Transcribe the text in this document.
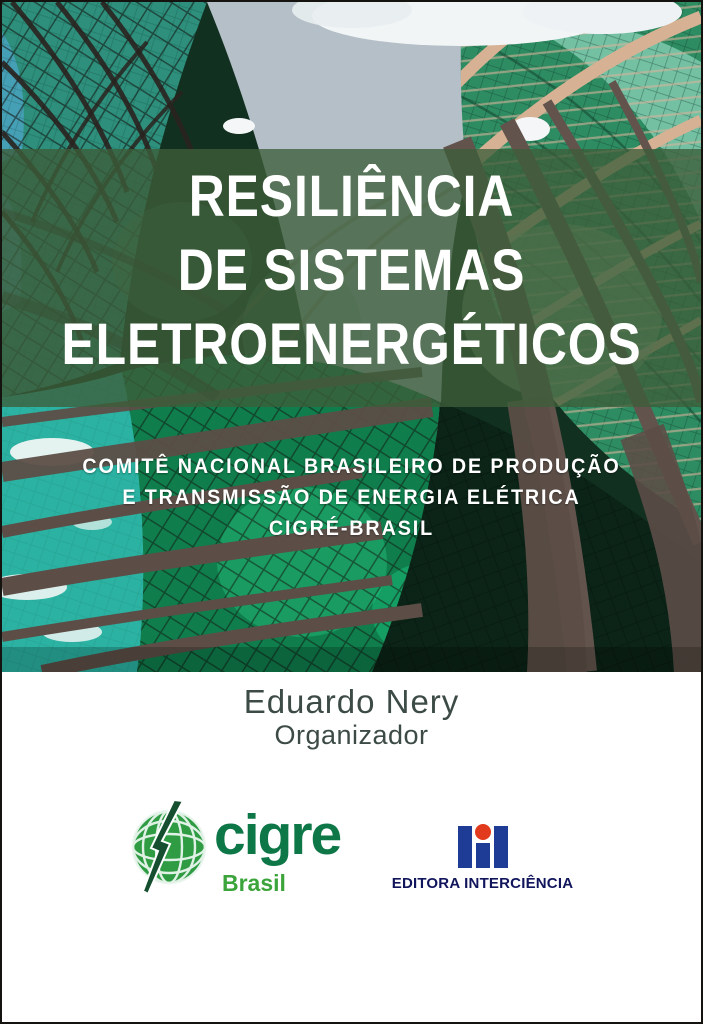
RESILIÊNCIA
DE SISTEMAS
ELETROENERGÉTICOS
COMITÊ NACIONAL BRASILEIRO DE PRODUÇÃO
E TRANSMISSÃO DE ENERGIA ELÉTRICA
CIGRÉ-BRASIL
Eduardo Nery
Organizador
cigre
Brasil	EDITORA INTERCIÊNCIA
